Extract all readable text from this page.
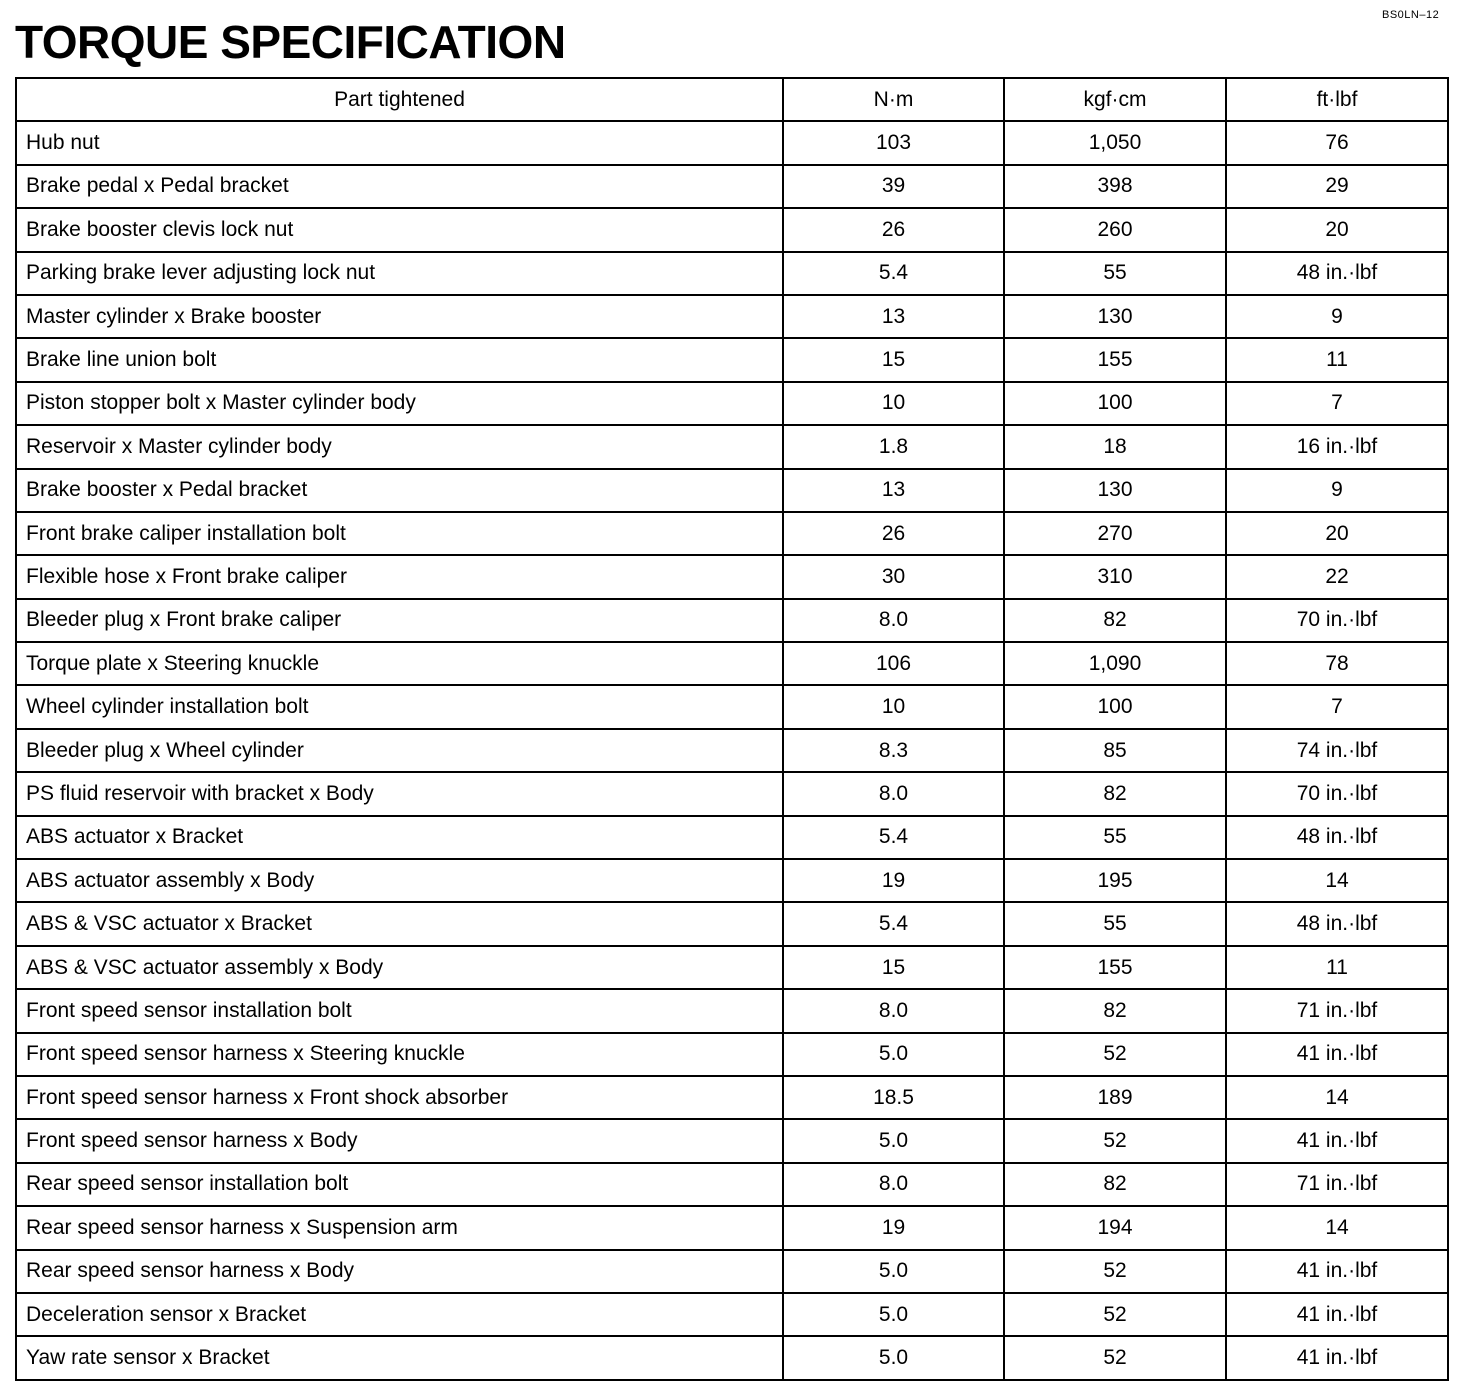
BS0LN–12
TORQUE SPECIFICATION
Part tightened	N·m	kgf·cm	ft·lbf
Hub nut	103	1,050	76
Brake pedal x Pedal bracket	39	398	29
Brake booster clevis lock nut	26	260	20
Parking brake lever adjusting lock nut	5.4	55	48 in.·lbf
Master cylinder x Brake booster	13	130	9
Brake line union bolt	15	155	11
Piston stopper bolt x Master cylinder body	10	100	7
Reservoir x Master cylinder body	1.8	18	16 in.·lbf
Brake booster x Pedal bracket	13	130	9
Front brake caliper installation bolt	26	270	20
Flexible hose x Front brake caliper	30	310	22
Bleeder plug x Front brake caliper	8.0	82	70 in.·lbf
Torque plate x Steering knuckle	106	1,090	78
Wheel cylinder installation bolt	10	100	7
Bleeder plug x Wheel cylinder	8.3	85	74 in.·lbf
PS fluid reservoir with bracket x Body	8.0	82	70 in.·lbf
ABS actuator x Bracket	5.4	55	48 in.·lbf
ABS actuator assembly x Body	19	195	14
ABS & VSC actuator x Bracket	5.4	55	48 in.·lbf
ABS & VSC actuator assembly x Body	15	155	11
Front speed sensor installation bolt	8.0	82	71 in.·lbf
Front speed sensor harness x Steering knuckle	5.0	52	41 in.·lbf
Front speed sensor harness x Front shock absorber	18.5	189	14
Front speed sensor harness x Body	5.0	52	41 in.·lbf
Rear speed sensor installation bolt	8.0	82	71 in.·lbf
Rear speed sensor harness x Suspension arm	19	194	14
Rear speed sensor harness x Body	5.0	52	41 in.·lbf
Deceleration sensor x Bracket	5.0	52	41 in.·lbf
Yaw rate sensor x Bracket	5.0	52	41 in.·lbf
